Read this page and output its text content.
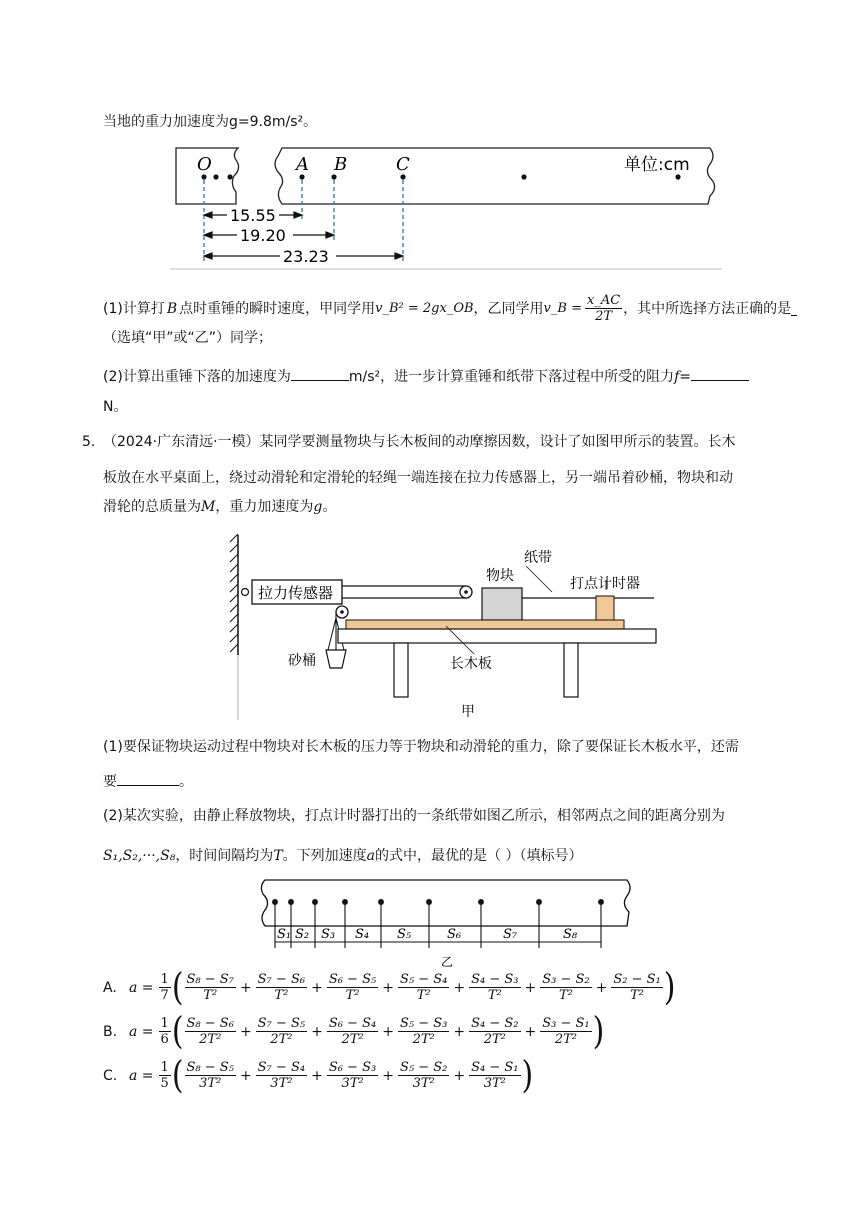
当地的重力加速度为g=9.8m/s²。
O	A B	C	单位:cm
15.55
19.20
23.23
(1)计算打 B 点时重锤的瞬时速度，甲同学用 v_B² = 2gx_OB ，乙同学用 v_B = $\frac{x\_AC}{2T}$ ，其中所选择方法正确的是
（选填“甲”或“乙”）同学；
(2)计算出重锤下落的加速度为	m/s²，进一步计算重锤和纸带下落过程中所受的阻力f=
N。
5. （2024·广东清远·一模）某同学要测量物块与长木板间的动摩擦因数，设计了如图甲所示的装置。长木
板放在水平桌面上，绕过动滑轮和定滑轮的轻绳一端连接在拉力传感器上，另一端吊着砂桶，物块和动
滑轮的总质量为M，重力加速度为g。
拉力传感器
砂桶
物块
纸带
打点计时器
长木板
甲
(1)要保证物块运动过程中物块对长木板的压力等于物块和动滑轮的重力，除了要保证长木板水平，还需
要	。
(2)某次实验，由静止释放物块，打点计时器打出的一条纸带如图乙所示，相邻两点之间的距离分别为
S₁,S₂,···,S₈，时间间隔均为T。下列加速度a的式中，最优的是（ ）（填标号）
S₁ S₂ S₃ S₄ S₅	S₆	S₇	S₈
乙
A. $a = \frac{1}{7}$ ( $\frac{\text{S₈ − S₇}}{\text{T²}} + \frac{\text{S₇ − S₆}}{\text{T²}} + \frac{\text{S₆ − S₅}}{\text{T²}} + \frac{\text{S₅ − S₄}}{\text{T²}} + \frac{\text{S₄ − S₃}}{\text{T²}} + \frac{\text{S₃ − S₂}}{\text{T²}} + \frac{\text{S₂ − S₁}}{\text{T²}}$ )
B. $a = \frac{1}{6}$ ( $\frac{\text{S₈ − S₆}}{\text{2T²}} + \frac{\text{S₇ − S₅}}{\text{2T²}} + \frac{\text{S₆ − S₄}}{\text{2T²}} + \frac{\text{S₅ − S₃}}{\text{2T²}} + \frac{\text{S₄ − S₂}}{\text{2T²}} + \frac{\text{S₃ − S₁}}{\text{2T²}}$ )
C. $a = \frac{1}{5}$ ( $\frac{\text{S₈ − S₅}}{\text{3T²}} + \frac{\text{S₇ − S₄}}{\text{3T²}} + \frac{\text{S₆ − S₃}}{\text{3T²}} + \frac{\text{S₅ − S₂}}{\text{3T²}} + \frac{\text{S₄ − S₁}}{\text{3T²}}$ )
